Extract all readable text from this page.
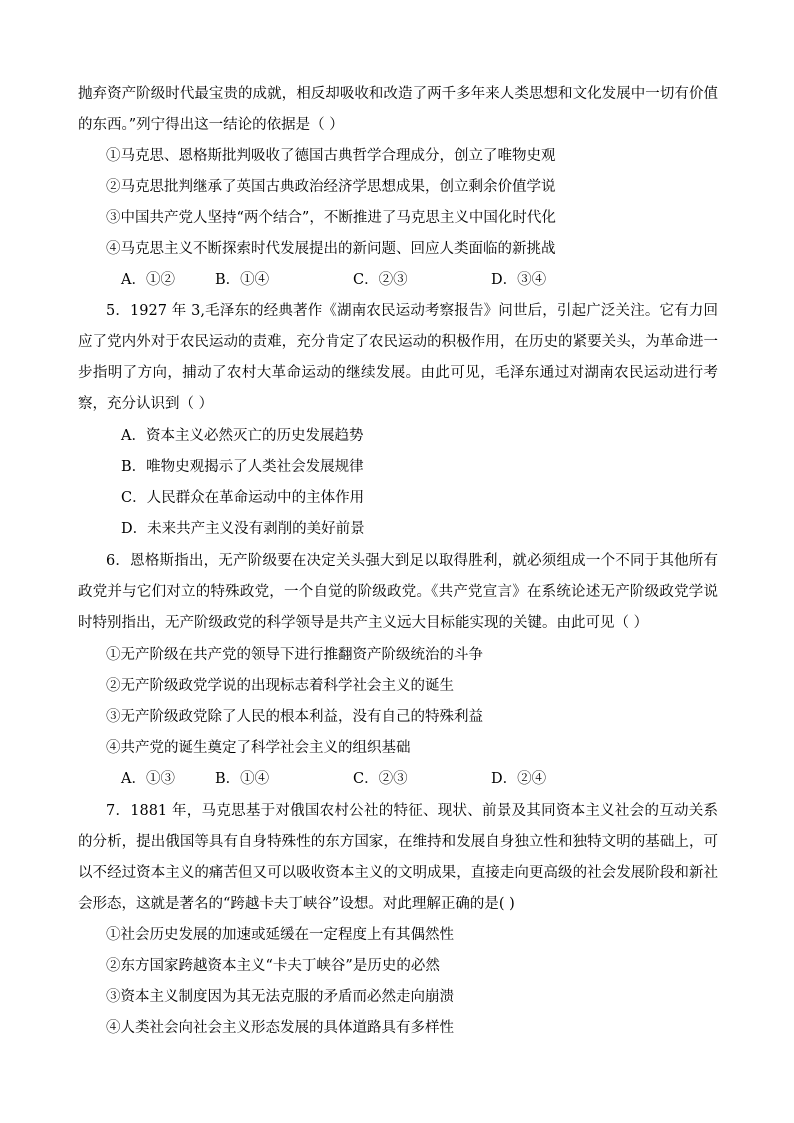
抛弃资产阶级时代最宝贵的成就，相反却吸收和改造了两千多年来人类思想和文化发展中一切有价值的东西。”列宁得出这一结论的依据是（ ）

①马克思、恩格斯批判吸收了德国古典哲学合理成分，创立了唯物史观
②马克思批判继承了英国古典政治经济学思想成果，创立剩余价值学说
③中国共产党人坚持“两个结合”，不断推进了马克思主义中国化时代化
④马克思主义不断探索时代发展提出的新问题、回应人类面临的新挑战
A．①②	B．①④	C．②③	D．③④

5．1927 年 3,毛泽东的经典著作《湖南农民运动考察报告》问世后，引起广泛关注。它有力回应了党内外对于农民运动的责难，充分肯定了农民运动的积极作用，在历史的紧要关头，为革命进一步指明了方向，捕动了农村大革命运动的继续发展。由此可见，毛泽东通过对湖南农民运动进行考察，充分认识到（ ）

A．资本主义必然灭亡的历史发展趋势
B．唯物史观揭示了人类社会发展规律
C．人民群众在革命运动中的主体作用
D．未来共产主义没有剥削的美好前景

6．恩格斯指出，无产阶级要在决定关头强大到足以取得胜利，就必须组成一个不同于其他所有政党并与它们对立的特殊政党，一个自觉的阶级政党。《共产党宣言》在系统论述无产阶级政党学说时特别指出，无产阶级政党的科学领导是共产主义远大目标能实现的关键。由此可见（ ）

①无产阶级在共产党的领导下进行推翻资产阶级统治的斗争
②无产阶级政党学说的出现标志着科学社会主义的诞生
③无产阶级政党除了人民的根本利益，没有自己的特殊利益
④共产党的诞生奠定了科学社会主义的组织基础
A．①③	B．①④	C．②③	D．②④

7．1881 年，马克思基于对俄国农村公社的特征、现状、前景及其同资本主义社会的互动关系的分析，提出俄国等具有自身特殊性的东方国家，在维持和发展自身独立性和独特文明的基础上，可以不经过资本主义的痛苦但又可以吸收资本主义的文明成果，直接走向更高级的社会发展阶段和新社会形态，这就是著名的“跨越卡夫丁峡谷”设想。对此理解正确的是( )

①社会历史发展的加速或延缓在一定程度上有其偶然性
②东方国家跨越资本主义“卡夫丁峡谷”是历史的必然
③资本主义制度因为其无法克服的矛盾而必然走向崩溃
④人类社会向社会主义形态发展的具体道路具有多样性
